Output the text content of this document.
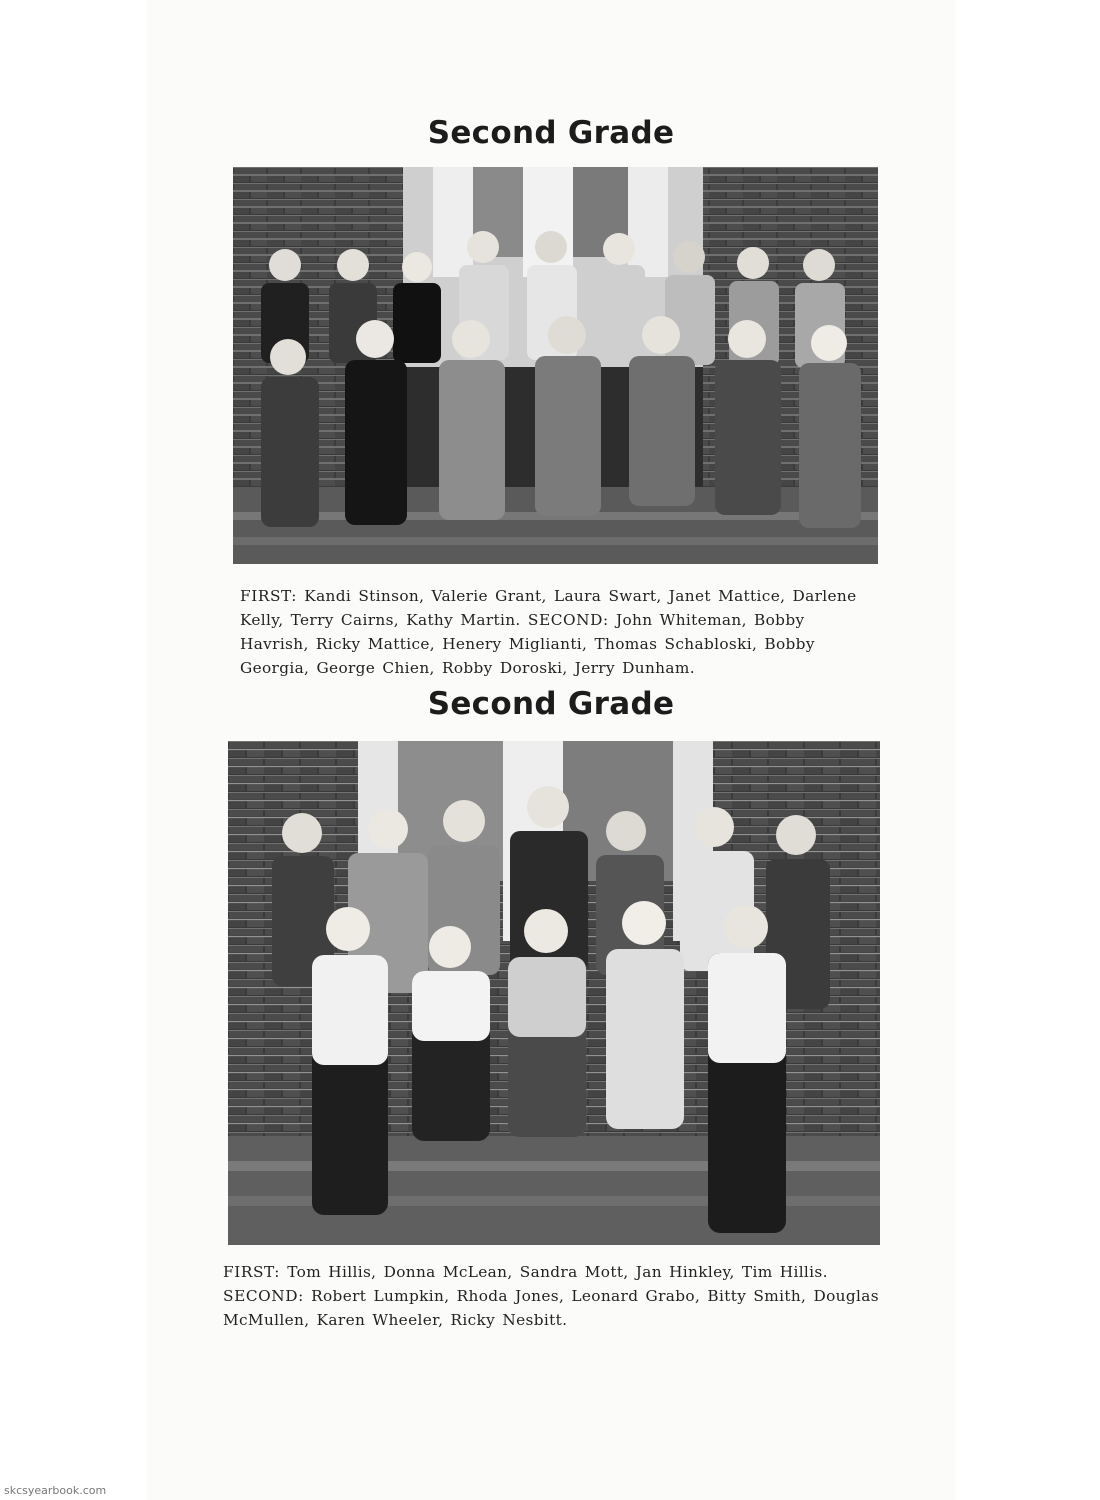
Second Grade

FIRST: Kandi Stinson, Valerie Grant, Laura Swart, Janet Mattice, Darlene Kelly, Terry Cairns, Kathy Martin. SECOND: John Whiteman, Bobby Havrish, Ricky Mattice, Henery Miglianti, Thomas Schabloski, Bobby Georgia, George Chien, Robby Doroski, Jerry Dunham.

Second Grade

FIRST: Tom Hillis, Donna McLean, Sandra Mott, Jan Hinkley, Tim Hillis. SECOND: Robert Lumpkin, Rhoda Jones, Leonard Grabo, Bitty Smith, Douglas McMullen, Karen Wheeler, Ricky Nesbitt.

skcsyearbook.com
